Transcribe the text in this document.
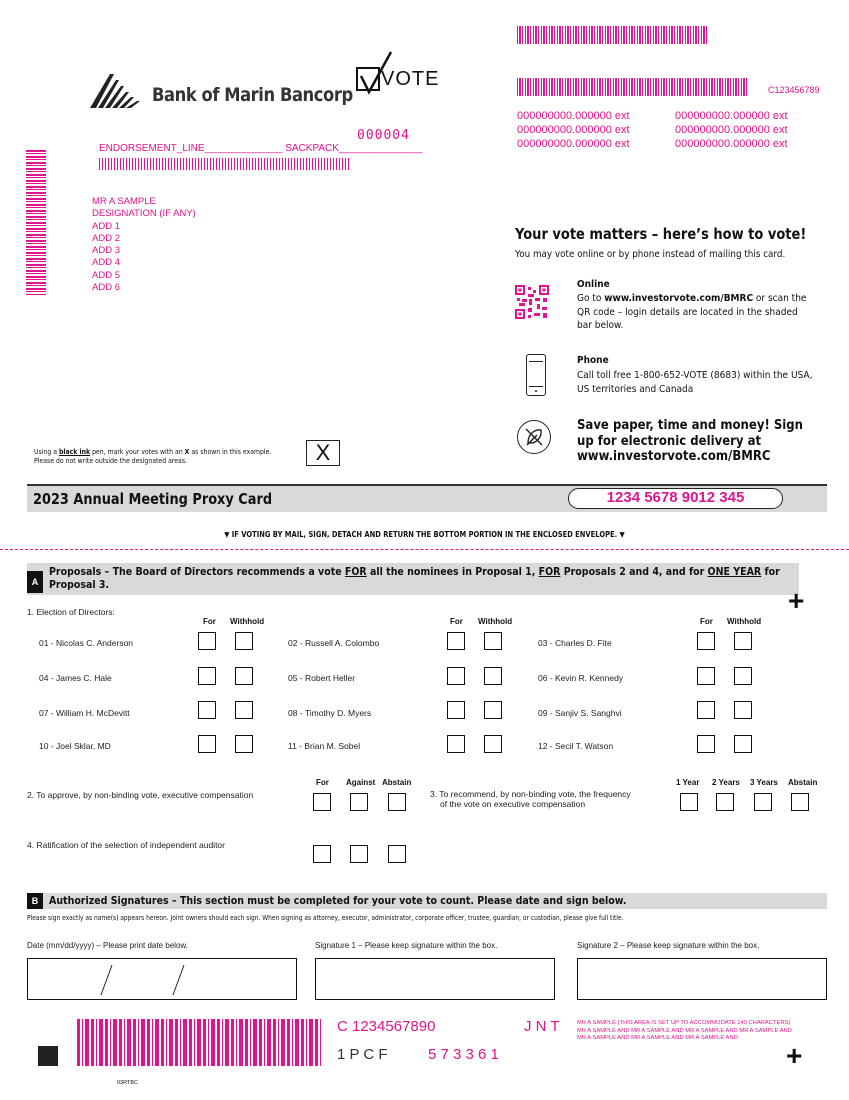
C123456789
000000000.000000 ext
000000000.000000 ext
000000000.000000 ext
000000000.000000 ext
000000000.000000 ext
000000000.000000 ext
Bank of Marin Bancorp
VOTE
000004
ENDORSEMENT_LINE______________ SACKPACK_______________
MR A SAMPLE
DESIGNATION (IF ANY)
ADD 1
ADD 2
ADD 3
ADD 4
ADD 5
ADD 6
Your vote matters – here’s how to vote!
You may vote online or by phone instead of mailing this card.
Online
Go to www.investorvote.com/BMRC or scan the QR code – login details are located in the shaded bar below.
Phone
Call toll free 1-800-652-VOTE (8683) within the USA, US territories and Canada
Save paper, time and money! Sign up for electronic delivery at www.investorvote.com/BMRC
Using a black ink pen, mark your votes with an X as shown in this example.
Please do not write outside the designated areas.	X
2023 Annual Meeting Proxy Card	1234 5678 9012 345
▼ IF VOTING BY MAIL, SIGN, DETACH AND RETURN THE BOTTOM PORTION IN THE ENCLOSED ENVELOPE. ▼
A
Proposals – The Board of Directors recommends a vote FOR all the nominees in Proposal 1, FOR Proposals 2 and 4, and for ONE YEAR for
Proposal 3.
+
1. Election of Directors:
For Withhold	For Withhold	For Withhold
01 - Nicolas C. Anderson	02 - Russell A. Colombo	03 - Charles D. Fite
04 - James C. Hale	05 - Robert Heller	06 - Kevin R. Kennedy
07 - William H. McDevitt	08 - Timothy D. Myers	09 - Sanjiv S. Sanghvi
10 - Joel Sklar, MD	11 - Brian M. Sobel	12 - Secil T. Watson
2. To approve, by non-binding vote, executive compensation
For Against Abstain
3. To recommend, by non-binding vote, the frequency
of the vote on executive compensation
1 Year 2 Years 3 Years Abstain
4. Ratification of the selection of independent auditor
B Authorized Signatures – This section must be completed for your vote to count. Please date and sign below.
Please sign exactly as name(s) appears hereon. Joint owners should each sign. When signing as attorney, executor, administrator, corporate officer, trustee, guardian, or custodian, please give full title.
Date (mm/dd/yyyy) – Please print date below.	Signature 1 – Please keep signature within the box.	Signature 2 – Please keep signature within the box.
C 1234567890	J N T
1 P C F	5 7 3 3 6 1
MR A SAMPLE (THIS AREA IS SET UP TO ACCOMMODATE 140 CHARACTERS) MR A SAMPLE AND MR A SAMPLE AND MR A SAMPLE AND MR A SAMPLE AND MR A SAMPLE AND MR A SAMPLE AND MR A SAMPLE AND
+
03RTBC
